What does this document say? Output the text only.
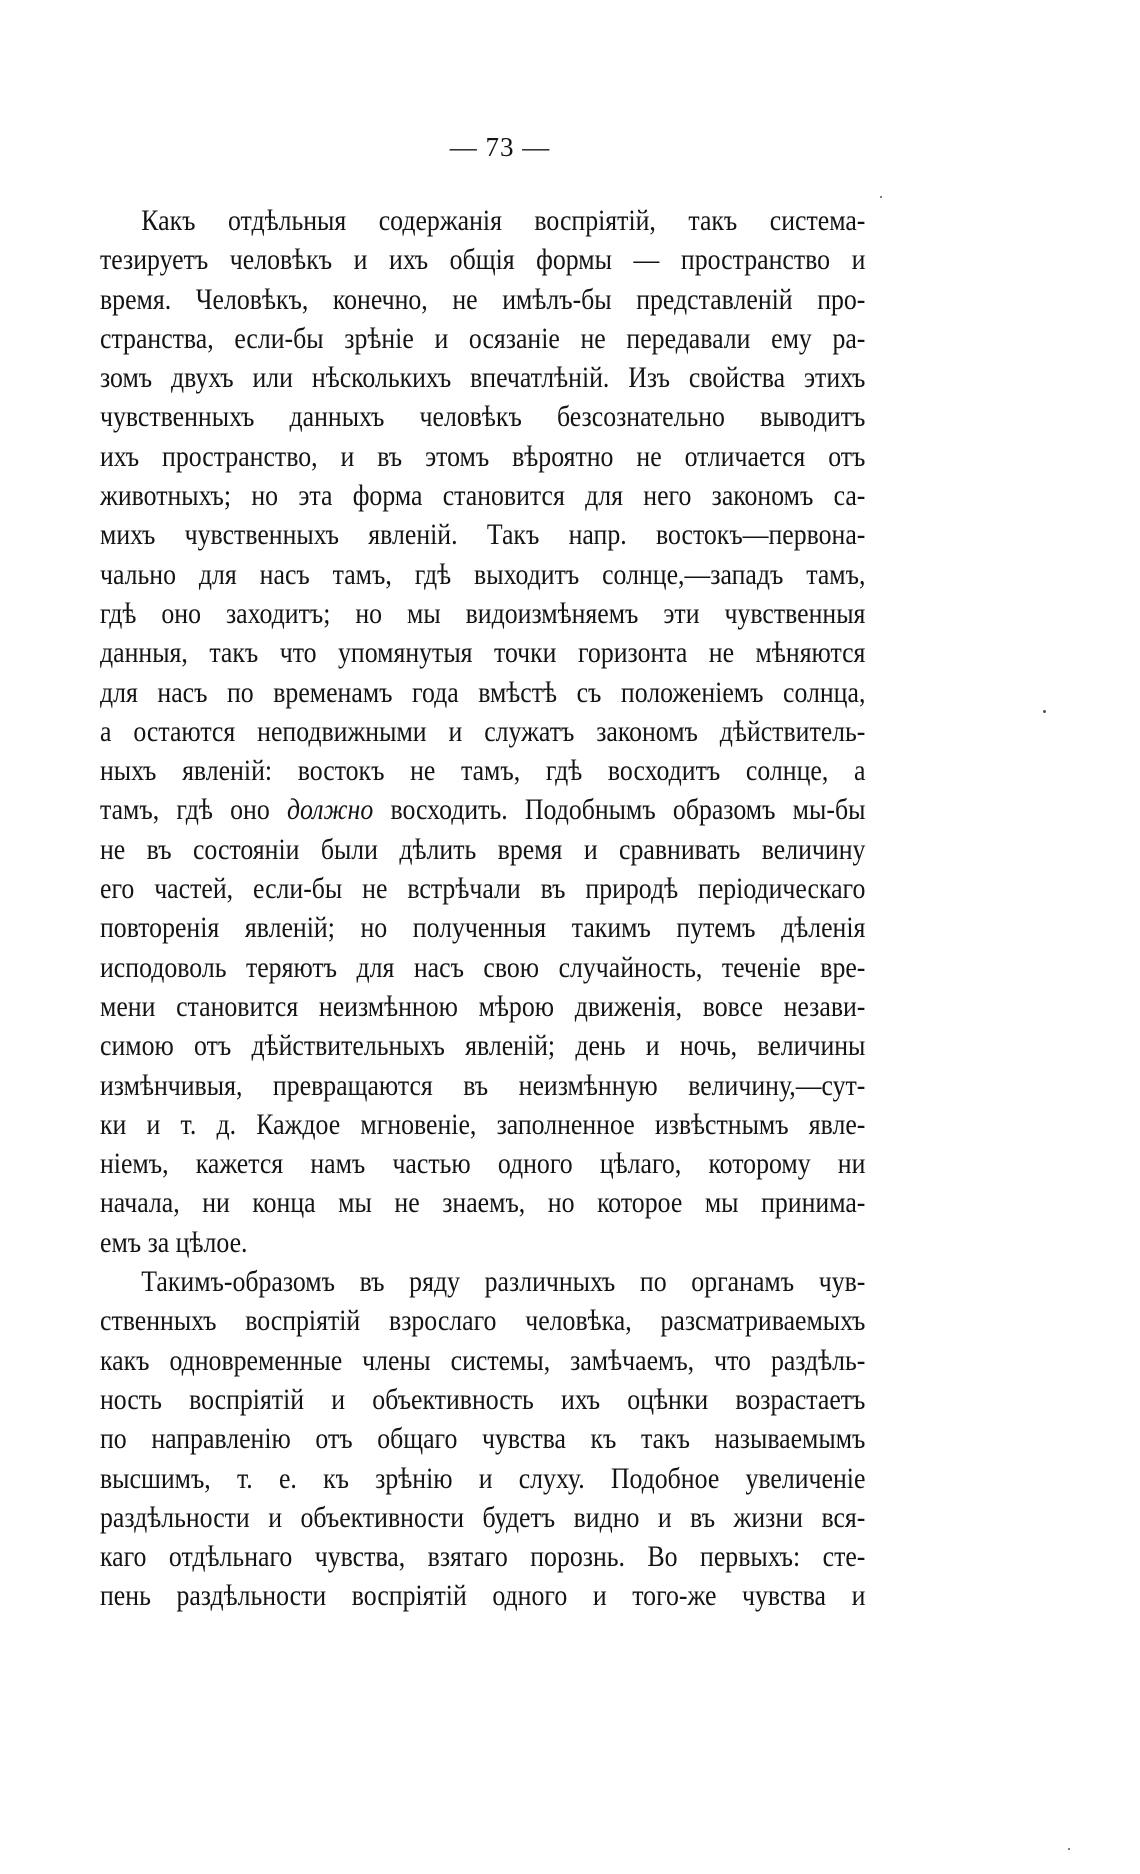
— 73 —
Какъ отдѣльныя содержанія воспріятій, такъ система-
тезируетъ человѣкъ и ихъ общія формы — пространство и
время. Человѣкъ, конечно, не имѣлъ-бы представленій про-
странства, если-бы зрѣніе и осязаніе не передавали ему ра-
зомъ двухъ или нѣсколькихъ впечатлѣній. Изъ свойства этихъ
чувственныхъ данныхъ человѣкъ безсознательно выводитъ
ихъ пространство, и въ этомъ вѣроятно не отличается отъ
животныхъ; но эта форма становится для него закономъ са-
михъ чувственныхъ явленій. Такъ напр. востокъ—первона-
чально для насъ тамъ, гдѣ выходитъ солнце,—западъ тамъ,
гдѣ оно заходитъ; но мы видоизмѣняемъ эти чувственныя
данныя, такъ что упомянутыя точки горизонта не мѣняются
для насъ по временамъ года вмѣстѣ съ положеніемъ солнца,
а остаются неподвижными и служатъ закономъ дѣйствитель-
ныхъ явленій: востокъ не тамъ, гдѣ восходитъ солнце, а
тамъ, гдѣ оно должно восходить. Подобнымъ образомъ мы-бы
не въ состояніи были дѣлить время и сравнивать величину
его частей, если-бы не встрѣчали въ природѣ періодическаго
повторенія явленій; но полученныя такимъ путемъ дѣленія
исподоволь теряютъ для насъ свою случайность, теченіе вре-
мени становится неизмѣнною мѣрою движенія, вовсе незави-
симою отъ дѣйствительныхъ явленій; день и ночь, величины
измѣнчивыя, превращаются въ неизмѣнную величину,—сут-
ки и т. д. Каждое мгновеніе, заполненное извѣстнымъ явле-
ніемъ, кажется намъ частью одного цѣлаго, которому ни
начала, ни конца мы не знаемъ, но которое мы принима-
емъ за цѣлое.
Такимъ-образомъ въ ряду различныхъ по органамъ чув-
ственныхъ воспріятій взрослаго человѣка, разсматриваемыхъ
какъ одновременные члены системы, замѣчаемъ, что раздѣль-
ность воспріятій и объективность ихъ оцѣнки возрастаетъ
по направленію отъ общаго чувства къ такъ называемымъ
высшимъ, т. е. къ зрѣнію и слуху. Подобное увеличеніе
раздѣльности и объективности будетъ видно и въ жизни вся-
каго отдѣльнаго чувства, взятаго порознь. Во первыхъ: сте-
пень раздѣльности воспріятій одного и того-же чувства и
